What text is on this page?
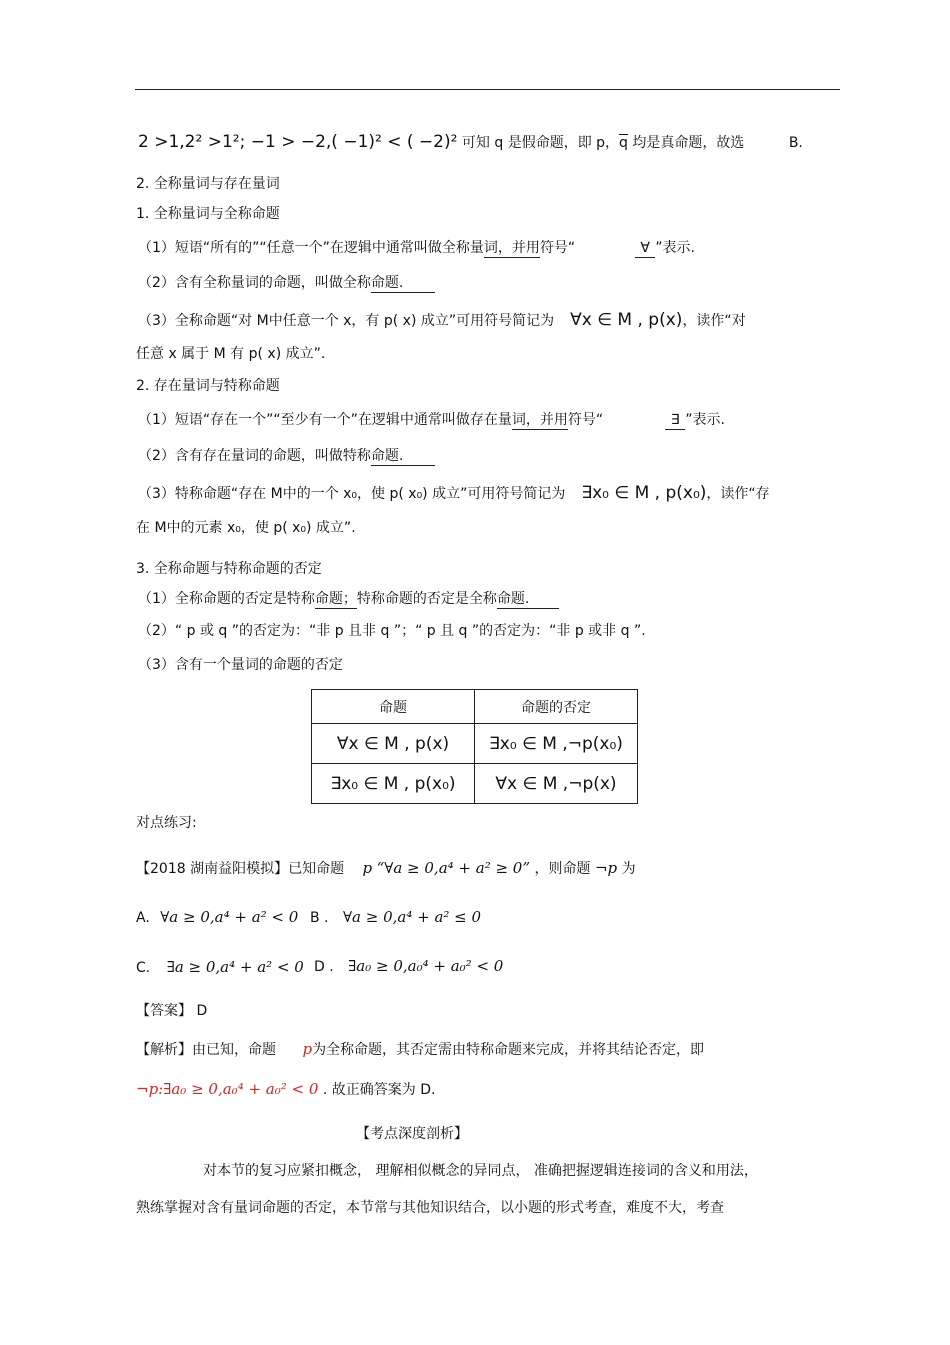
2 >1,2² >1²; −1 > −2,( −1)² < ( −2)² 可知 q 是假命题，即 p，$\overline{q}$ 均是真命题，故选	B.
2. 全称量词与存在量词
1. 全称量词与全称命题
（1）短语“所有的”“任意一个”在逻辑中通常叫做全称量词，并用符号“	∀ ”表示.
（2）含有全称量词的命题，叫做全称命题.
（3）全称命题“对 M中任意一个 x，有 p( x) 成立”可用符号简记为 ∀x ∈ M , p(x)，读作“对
任意 x 属于 M 有 p( x) 成立”.
2. 存在量词与特称命题
（1）短语“存在一个”“至少有一个”在逻辑中通常叫做存在量词，并用符号“	∃ ”表示.
（2）含有存在量词的命题，叫做特称命题.
（3）特称命题“存在 M中的一个 x₀，使 p( x₀) 成立”可用符号简记为 ∃x₀ ∈ M , p(x₀)，读作“存
在 M中的元素 x₀，使 p( x₀) 成立”.
3. 全称命题与特称命题的否定
（1）全称命题的否定是特称命题；特称命题的否定是全称命题.
（2）“ p 或 q ”的否定为：“非 p 且非 q ”；“ p 且 q ”的否定为：“非 p 或非 q ”.
（3）含有一个量词的命题的否定
命题	命题的否定
∀x ∈ M , p(x)	∃x₀ ∈ M ,¬p(x₀)
∃x₀ ∈ M , p(x₀)	∀x ∈ M ,¬p(x)
对点练习:
【2018 湖南益阳模拟】已知命题 p “∀a ≥ 0,a⁴ + a² ≥ 0” ，则命题 ¬p 为
A. ∀a ≥ 0,a⁴ + a² < 0 B . ∀a ≥ 0,a⁴ + a² ≤ 0
C. ∃a ≥ 0,a⁴ + a² < 0 D . ∃a₀ ≥ 0,a₀⁴ + a₀² < 0
【答案】 D
【解析】由已知，命题 p为全称命题，其否定需由特称命题来完成，并将其结论否定，即
¬p:∃a₀ ≥ 0,a₀⁴ + a₀² < 0 . 故正确答案为 D.
【考点深度剖析】
对本节的复习应紧扣概念， 理解相似概念的异同点， 准确把握逻辑连接词的含义和用法，
熟练掌握对含有量词命题的否定，本节常与其他知识结合，以小题的形式考查，难度不大，考查
